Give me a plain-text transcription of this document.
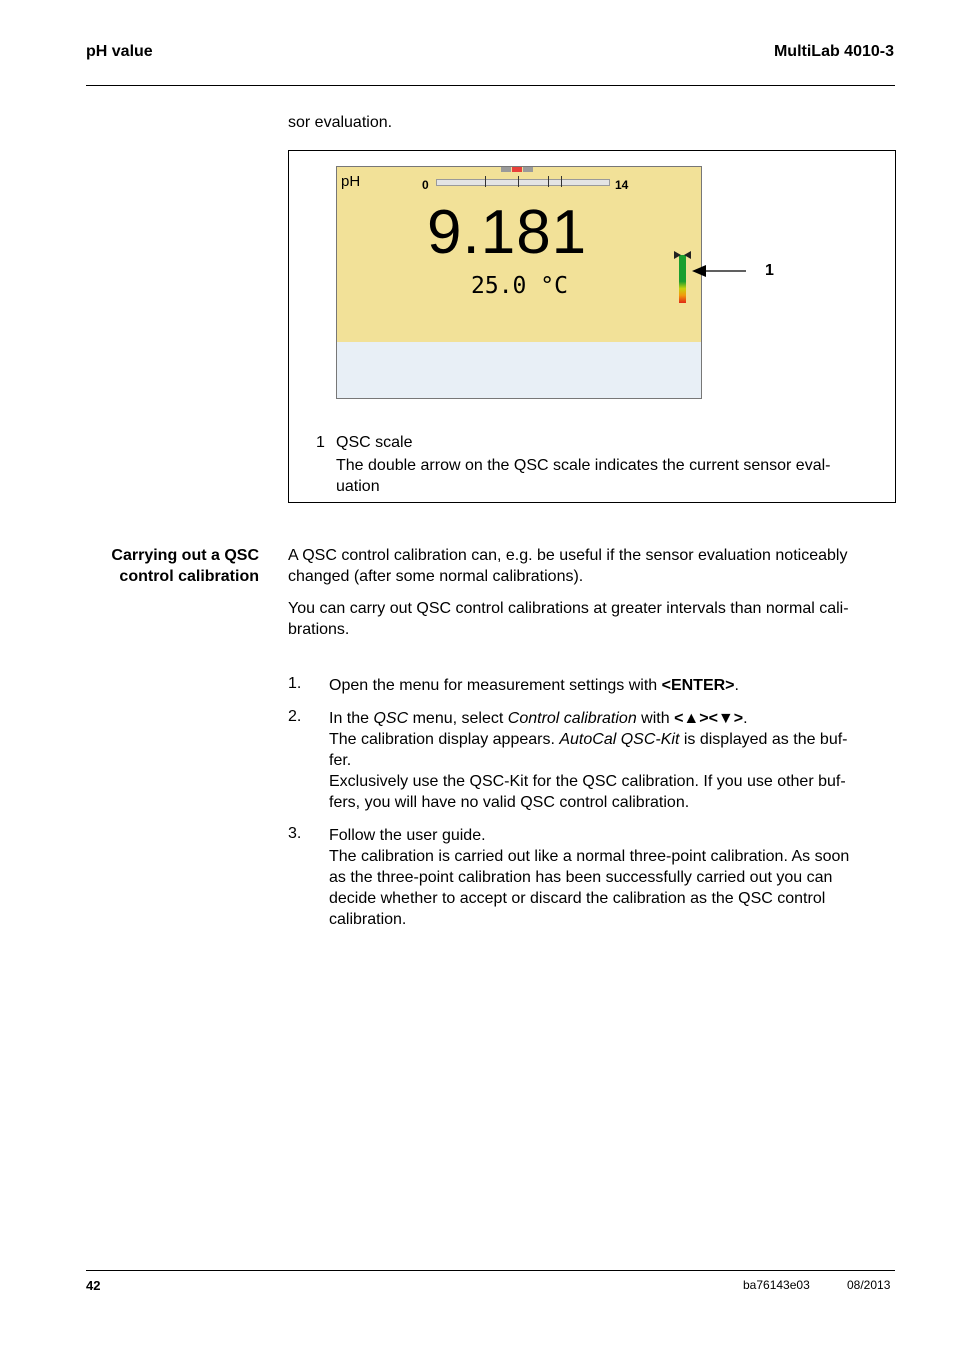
pH value	MultiLab 4010-3
sor evaluation.
pH	0	14
9.181
25.0 °C
1
1 QSC scale
The double arrow on the QSC scale indicates the current sensor eval-
uation
Carrying out a QSC
control calibration
A QSC control calibration can, e.g. be useful if the sensor evaluation noticeably
changed (after some normal calibrations).
You can carry out QSC control calibrations at greater intervals than normal cali-
brations.
1. Open the menu for measurement settings with <ENTER>.
2. In the QSC menu, select Control calibration with <▲><▼>.
The calibration display appears. AutoCal QSC-Kit is displayed as the buf-
fer.
Exclusively use the QSC-Kit for the QSC calibration. If you use other buf-
fers, you will have no valid QSC control calibration.
3. Follow the user guide.
The calibration is carried out like a normal three-point calibration. As soon
as the three-point calibration has been successfully carried out you can
decide whether to accept or discard the calibration as the QSC control
calibration.
42	ba76143e03	08/2013
